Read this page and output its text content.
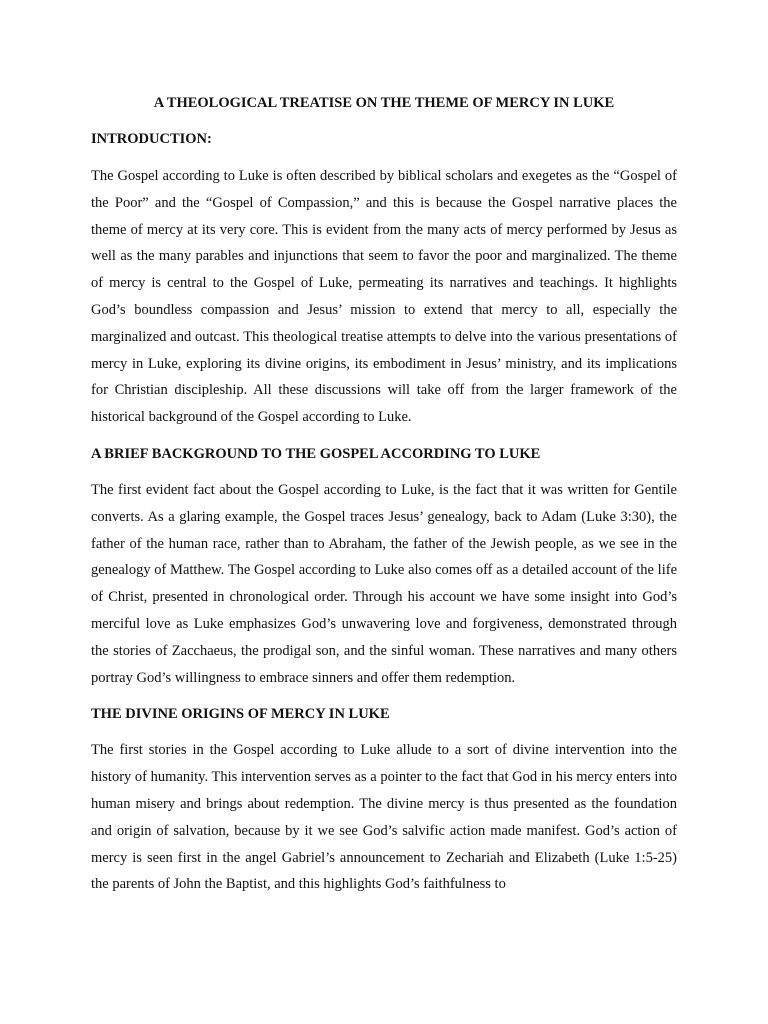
A THEOLOGICAL TREATISE ON THE THEME OF MERCY IN LUKE
INTRODUCTION:

The Gospel according to Luke is often described by biblical scholars and exegetes as the “Gospel of the Poor” and the “Gospel of Compassion,” and this is because the Gospel narrative places the theme of mercy at its very core. This is evident from the many acts of mercy performed by Jesus as well as the many parables and injunctions that seem to favor the poor and marginalized. The theme of mercy is central to the Gospel of Luke, permeating its narratives and teachings. It highlights God’s boundless compassion and Jesus’ mission to extend that mercy to all, especially the marginalized and outcast. This theological treatise attempts to delve into the various presentations of mercy in Luke, exploring its divine origins, its embodiment in Jesus’ ministry, and its implications for Christian discipleship. All these discussions will take off from the larger framework of the historical background of the Gospel according to Luke.

A BRIEF BACKGROUND TO THE GOSPEL ACCORDING TO LUKE

The first evident fact about the Gospel according to Luke, is the fact that it was written for Gentile converts. As a glaring example, the Gospel traces Jesus’ genealogy, back to Adam (Luke 3:30), the father of the human race, rather than to Abraham, the father of the Jewish people, as we see in the genealogy of Matthew. The Gospel according to Luke also comes off as a detailed account of the life of Christ, presented in chronological order. Through his account we have some insight into God’s merciful love as Luke emphasizes God’s unwavering love and forgiveness, demonstrated through the stories of Zacchaeus, the prodigal son, and the sinful woman. These narratives and many others portray God’s willingness to embrace sinners and offer them redemption.

THE DIVINE ORIGINS OF MERCY IN LUKE

The first stories in the Gospel according to Luke allude to a sort of divine intervention into the history of humanity. This intervention serves as a pointer to the fact that God in his mercy enters into human misery and brings about redemption. The divine mercy is thus presented as the foundation and origin of salvation, because by it we see God’s salvific action made manifest. God’s action of mercy is seen first in the angel Gabriel’s announcement to Zechariah and Elizabeth (Luke 1:5-25) the parents of John the Baptist, and this highlights God’s faithfulness to
